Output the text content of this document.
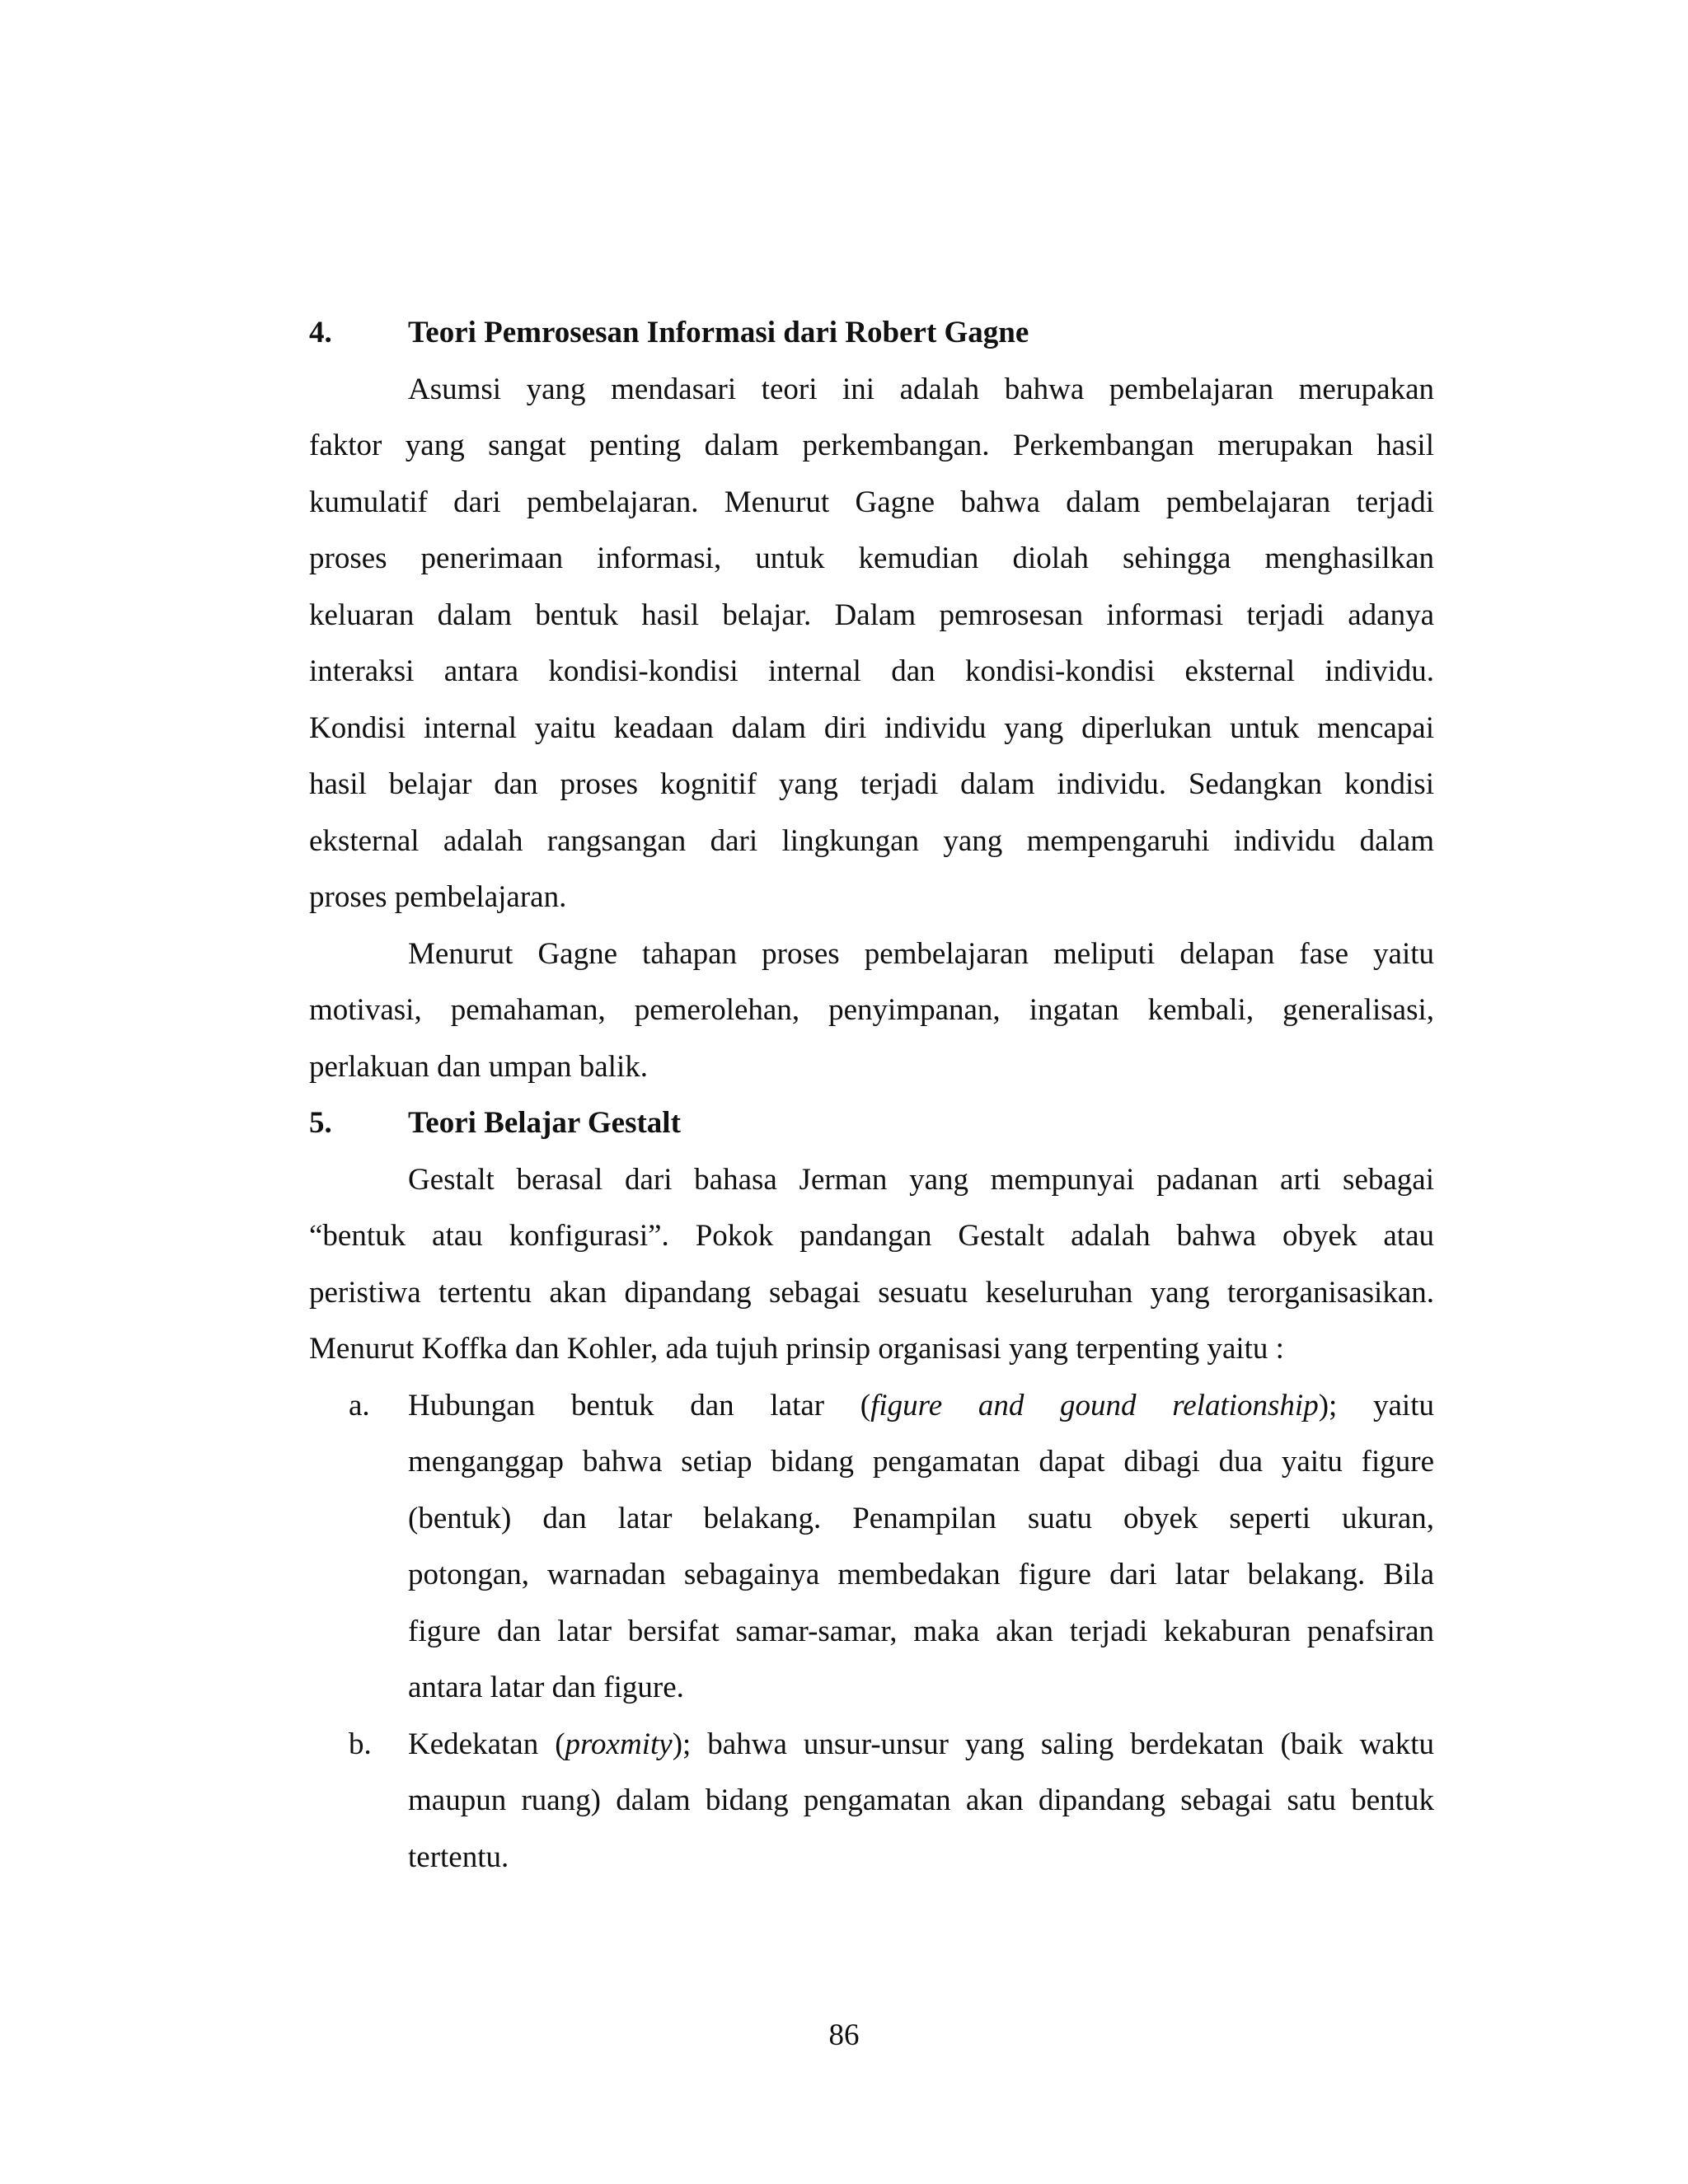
4.	Teori Pemrosesan Informasi dari Robert Gagne
Asumsi yang mendasari teori ini adalah bahwa pembelajaran merupakan
faktor yang sangat penting dalam perkembangan. Perkembangan merupakan hasil
kumulatif dari pembelajaran. Menurut Gagne bahwa dalam pembelajaran terjadi
proses penerimaan informasi, untuk kemudian diolah sehingga menghasilkan
keluaran dalam bentuk hasil belajar. Dalam pemrosesan informasi terjadi adanya
interaksi antara kondisi-kondisi internal dan kondisi-kondisi eksternal individu.
Kondisi internal yaitu keadaan dalam diri individu yang diperlukan untuk mencapai
hasil belajar dan proses kognitif yang terjadi dalam individu. Sedangkan kondisi
eksternal adalah rangsangan dari lingkungan yang mempengaruhi individu dalam
proses pembelajaran.
Menurut Gagne tahapan proses pembelajaran meliputi delapan fase yaitu
motivasi, pemahaman, pemerolehan, penyimpanan, ingatan kembali, generalisasi,
perlakuan dan umpan balik.
5.	Teori Belajar Gestalt
Gestalt berasal dari bahasa Jerman yang mempunyai padanan arti sebagai
“bentuk atau konfigurasi”. Pokok pandangan Gestalt adalah bahwa obyek atau
peristiwa tertentu akan dipandang sebagai sesuatu keseluruhan yang terorganisasikan.
Menurut Koffka dan Kohler, ada tujuh prinsip organisasi yang terpenting yaitu :
a.	Hubungan bentuk dan latar (figure and gound relationship); yaitu
menganggap bahwa setiap bidang pengamatan dapat dibagi dua yaitu figure
(bentuk) dan latar belakang. Penampilan suatu obyek seperti ukuran,
potongan, warnadan sebagainya membedakan figure dari latar belakang. Bila
figure dan latar bersifat samar-samar, maka akan terjadi kekaburan penafsiran
antara latar dan figure.
b.	Kedekatan (proxmity); bahwa unsur-unsur yang saling berdekatan (baik waktu
maupun ruang) dalam bidang pengamatan akan dipandang sebagai satu bentuk
tertentu.
86
